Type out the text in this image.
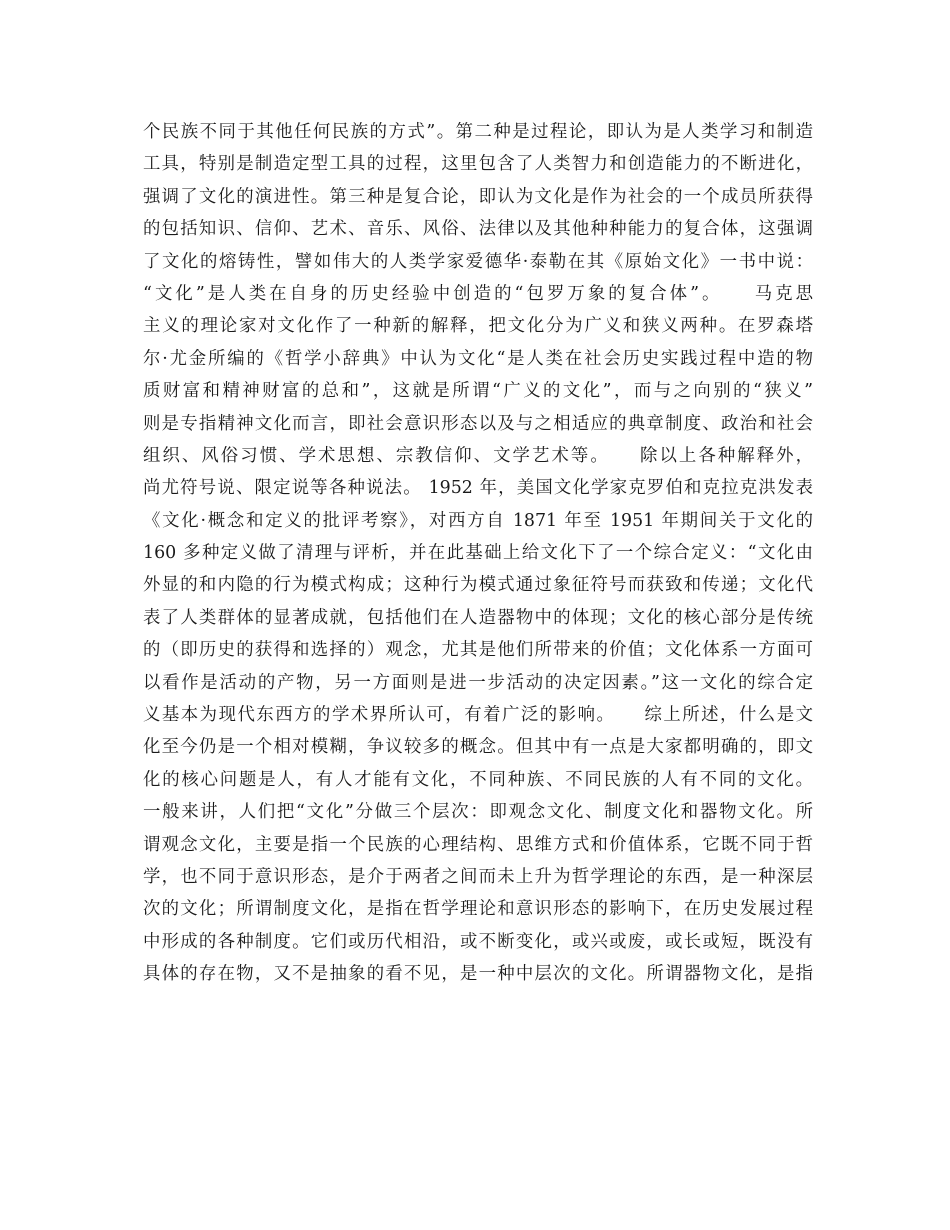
个民族不同于其他任何民族的方式”。第二种是过程论，即认为是人类学习和制造
工具，特别是制造定型工具的过程，这里包含了人类智力和创造能力的不断进化，
强调了文化的演进性。第三种是复合论，即认为文化是作为社会的一个成员所获得
的包括知识、信仰、艺术、音乐、风俗、法律以及其他种种能力的复合体，这强调
了文化的熔铸性，譬如伟大的人类学家爱德华·泰勒在其《原始文化》一书中说：
“文化”是人类在自身的历史经验中创造的“包罗万象的复合体”。　　马克思
主义的理论家对文化作了一种新的解释，把文化分为广义和狭义两种。在罗森塔
尔·尤金所编的《哲学小辞典》中认为文化“是人类在社会历史实践过程中造的物
质财富和精神财富的总和”，这就是所谓“广义的文化”，而与之向别的“狭义”
则是专指精神文化而言，即社会意识形态以及与之相适应的典章制度、政治和社会
组织、风俗习惯、学术思想、宗教信仰、文学艺术等。　　除以上各种解释外，
尚尤符号说、限定说等各种说法。 1952 年，美国文化学家克罗伯和克拉克洪发表
《文化·概念和定义的批评考察》，对西方自 1871 年至 1951 年期间关于文化的
160 多种定义做了清理与评析，并在此基础上给文化下了一个综合定义：“文化由
外显的和内隐的行为模式构成；这种行为模式通过象征符号而获致和传递；文化代
表了人类群体的显著成就，包括他们在人造器物中的体现；文化的核心部分是传统
的（即历史的获得和选择的）观念，尤其是他们所带来的价值；文化体系一方面可
以看作是活动的产物，另一方面则是进一步活动的决定因素。”这一文化的综合定
义基本为现代东西方的学术界所认可，有着广泛的影响。　　综上所述，什么是文
化至今仍是一个相对模糊，争议较多的概念。但其中有一点是大家都明确的，即文
化的核心问题是人，有人才能有文化，不同种族、不同民族的人有不同的文化。
一般来讲，人们把“文化”分做三个层次：即观念文化、制度文化和器物文化。所
谓观念文化，主要是指一个民族的心理结构、思维方式和价值体系，它既不同于哲
学，也不同于意识形态，是介于两者之间而未上升为哲学理论的东西，是一种深层
次的文化；所谓制度文化，是指在哲学理论和意识形态的影响下，在历史发展过程
中形成的各种制度。它们或历代相沿，或不断变化，或兴或废，或长或短，既没有
具体的存在物，又不是抽象的看不见，是一种中层次的文化。所谓器物文化，是指
